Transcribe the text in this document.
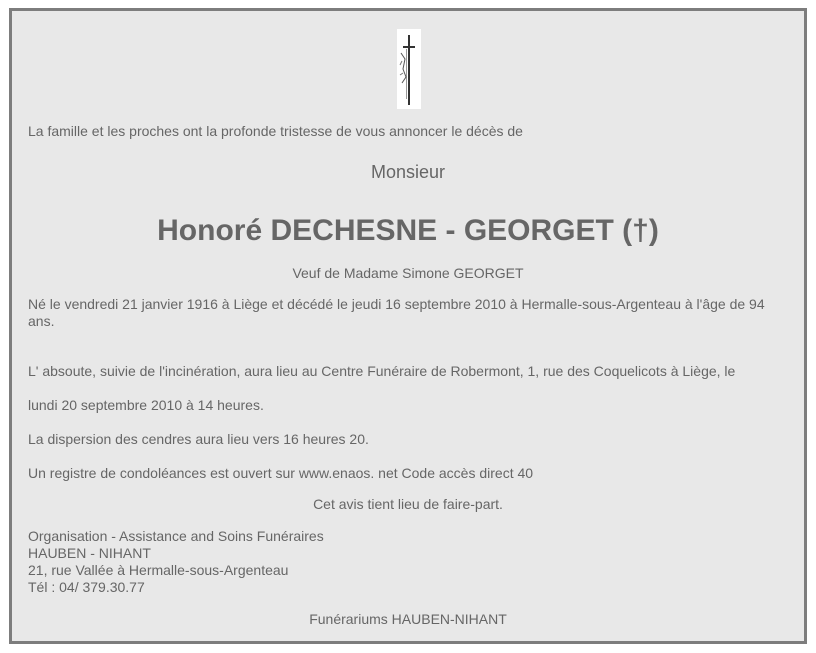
La famille et les proches ont la profonde tristesse de vous annoncer le décès de
Monsieur
Honoré DECHESNE - GEORGET (†)
Veuf de Madame Simone GEORGET
Né le vendredi 21 janvier 1916 à Liège et décédé le jeudi 16 septembre 2010 à Hermalle-sous-Argenteau à l'âge de 94 ans.
L' absoute, suivie de l'incinération, aura lieu au Centre Funéraire de Robermont, 1, rue des Coquelicots à Liège, le
lundi 20 septembre 2010 à 14 heures.
La dispersion des cendres aura lieu vers 16 heures 20.
Un registre de condoléances est ouvert sur www.enaos. net Code accès direct 40
Cet avis tient lieu de faire-part.
Organisation - Assistance and Soins Funéraires
HAUBEN - NIHANT
21, rue Vallée à Hermalle-sous-Argenteau
Tél : 04/ 379.30.77
Funérariums HAUBEN-NIHANT
